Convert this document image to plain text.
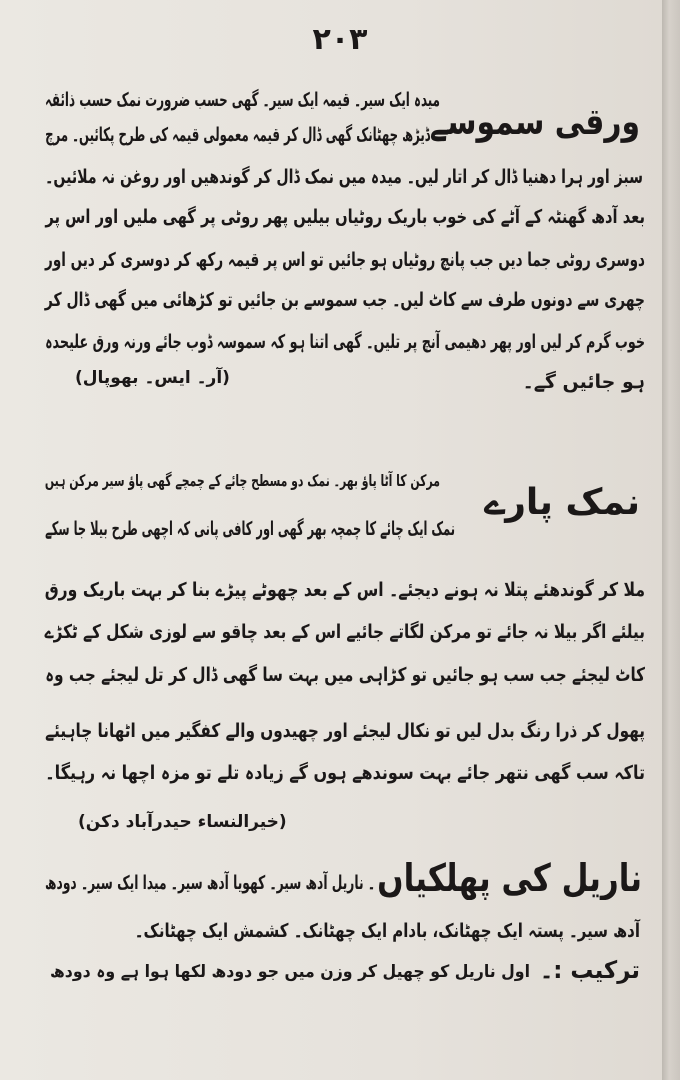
۲۰۳
ورقی سموسے
میدہ ایک سیر۔ قیمہ ایک سیر۔ گھی حسب ضرورت نمک حسب ذائقہ
ڈیڑھ چھٹانک گھی ڈال کر قیمہ معمولی قیمہ کی طرح پکائیں۔ مرچ
سبز اور ہرا دھنیا ڈال کر اتار لیں۔ میدہ میں نمک ڈال کر گوندھیں اور روغن نہ ملائیں۔
بعد آدھ گھنٹہ کے آٹے کی خوب باریک روٹیاں بیلیں پھر روٹی پر گھی ملیں اور اس پر
دوسری روٹی جما دیں جب پانچ روٹیاں ہو جائیں تو اس پر قیمہ رکھ کر دوسری کر دیں اور
چھری سے دونوں طرف سے کاٹ لیں۔ جب سموسے بن جائیں تو کڑھائی میں گھی ڈال کر
خوب گرم کر لیں اور پھر دھیمی آنچ پر تلیں۔ گھی اتنا ہو کہ سموسہ ڈوب جائے ورنہ ورق علیحدہ
ہو جائیں گے۔
(آر۔ ایس۔ بھوپال)
مرکن کا آٹا پاؤ بھر۔ نمک دو مسطح چائے کے چمچے گھی پاؤ سیر مرکن ہیں
نمک پارے
نمک ایک چائے کا چمچہ بھر گھی اور کافی پانی کہ اچھی طرح بیلا جا سکے
ملا کر گوندھئے پتلا نہ ہونے دیجئے۔ اس کے بعد چھوٹے پیڑے بنا کر بہت باریک ورق
بیلئے اگر بیلا نہ جائے تو مرکن لگاتے جائیے اس کے بعد چاقو سے لوزی شکل کے ٹکڑے
کاٹ لیجئے جب سب ہو جائیں تو کڑاہی میں بہت سا گھی ڈال کر تل لیجئے جب وہ
پھول کر ذرا رنگ بدل لیں تو نکال لیجئے اور چھیدوں والے کفگیر میں اٹھانا چاہیئے
تاکہ سب گھی نتھر جائے بہت سوندھے ہوں گے زیادہ تلے تو مزہ اچھا نہ رہیگا۔
(خیرالنساء حیدرآباد دکن)
ناریل کی پھلکیاں
۔ ناریل آدھ سیر۔ کھویا آدھ سیر۔ میدا ایک سیر۔ دودھ
آدھ سیر۔ پستہ ایک چھٹانک، بادام ایک چھٹانک۔ کشمش ایک چھٹانک۔
ترکیب :۔
اول ناریل کو چھیل کر وزن میں جو دودھ لکھا ہوا ہے وہ دودھ
